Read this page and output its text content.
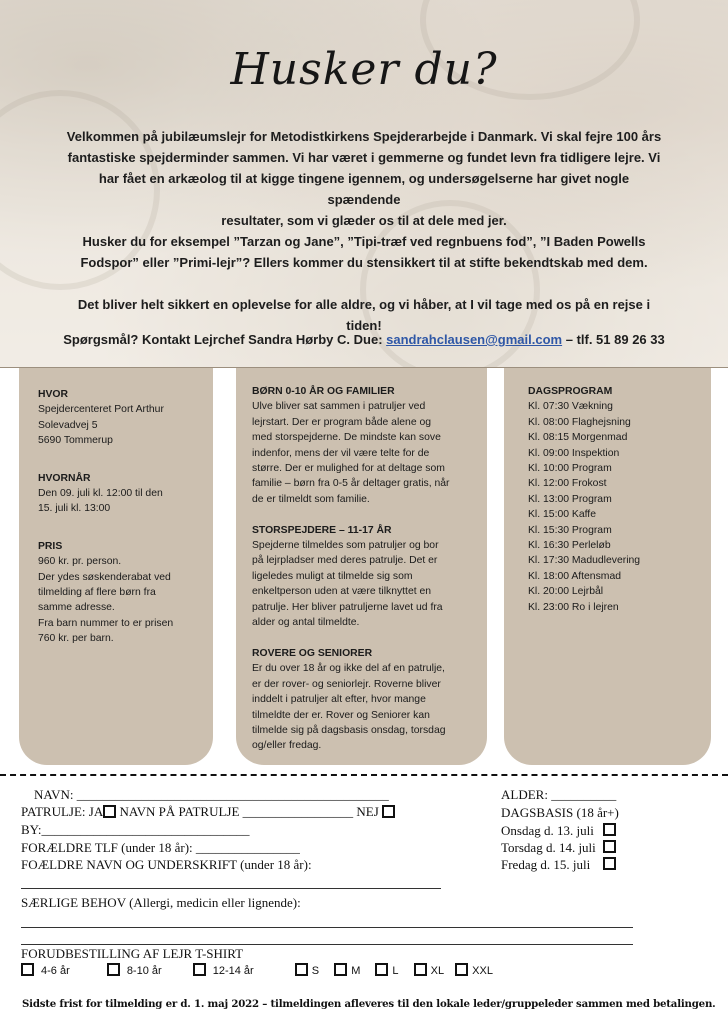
Husker du?

Velkommen på jubilæumslejr for Metodistkirkens Spejderarbejde i Danmark. Vi skal fejre 100 års
fantastiske spejderminder sammen. Vi har været i gemmerne og fundet levn fra tidligere lejre. Vi
har fået en arkæolog til at kigge tingene igennem, og undersøgelserne har givet nogle spændende
resultater, som vi glæder os til at dele med jer.
Husker du for eksempel ”Tarzan og Jane”, ”Tipi-træf ved regnbuens fod”, ”I Baden Powells
Fodspor” eller ”Primi-lejr”? Ellers kommer du stensikkert til at stifte bekendtskab med dem.

Det bliver helt sikkert en oplevelse for alle aldre, og vi håber, at I vil tage med os på en rejse i
tiden!

Spørgsmål? Kontakt Lejrchef Sandra Hørby C. Due: sandrahclausen@gmail.com – tlf. 51 89 26 33
HVOR
Spejdercenteret Port Arthur
Solevadvej 5
5690 Tommerup
HVORNÅR
Den 09. juli kl. 12:00 til den
15. juli kl. 13:00
PRIS
960 kr. pr. person.
Der ydes søskenderabat ved
tilmelding af flere børn fra
samme adresse.
Fra barn nummer to er prisen
760 kr. per barn.
BØRN 0-10 ÅR OG FAMILIER
Ulve bliver sat sammen i patruljer ved
lejrstart. Der er program både alene og
med storspejderne. De mindste kan sove
indenfor, mens der vil være telte for de
større. Der er mulighed for at deltage som
familie – børn fra 0-5 år deltager gratis, når
de er tilmeldt som familie.
STORSPEJDERE – 11-17 ÅR
Spejderne tilmeldes som patruljer og bor
på lejrpladser med deres patrulje. Det er
ligeledes muligt at tilmelde sig som
enkeltperson uden at være tilknyttet en
patrulje. Her bliver patruljerne lavet ud fra
alder og antal tilmeldte.
ROVERE OG SENIORER
Er du over 18 år og ikke del af en patrulje,
er der rover- og seniorlejr. Roverne bliver
inddelt i patruljer alt efter, hvor mange
tilmeldte der er. Rover og Seniorer kan
tilmelde sig på dagsbasis onsdag, torsdag
og/eller fredag.
DAGSPROGRAM
Kl. 07:30 Vækning
Kl. 08:00 Flaghejsning
Kl. 08:15 Morgenmad
Kl. 09:00 Inspektion
Kl. 10:00 Program
Kl. 12:00 Frokost
Kl. 13:00 Program
Kl. 15:00 Kaffe
Kl. 15:30 Program
Kl. 16:30 Perleløb
Kl. 17:30 Madudlevering
Kl. 18:00 Aftensmad
Kl. 20:00 Lejrbål
Kl. 23:00 Ro i lejren
NAVN: ________________________________________________
PATRULJE: JA NAVN PÅ PATRULJE _________________ NEJ
BY:________________________________
FORÆLDRE TLF (under 18 år): ________________
FOÆLDRE NAVN OG UNDERSKRIFT (under 18 år):
SÆRLIGE BEHOV (Allergi, medicin eller lignende):
ALDER: __________
DAGSBASIS (18 år+)
Onsdag d. 13. juli
Torsdag d. 14. juli
Fredag d. 15. juli
FORUDBESTILLING AF LEJR T-SHIRT
4-6 år	8-10 år	12-14 år	S	M	L	XL	XXL
Sidste frist for tilmelding er d. 1. maj 2022 – tilmeldingen afleveres til den lokale leder/gruppeleder sammen med betalingen.
